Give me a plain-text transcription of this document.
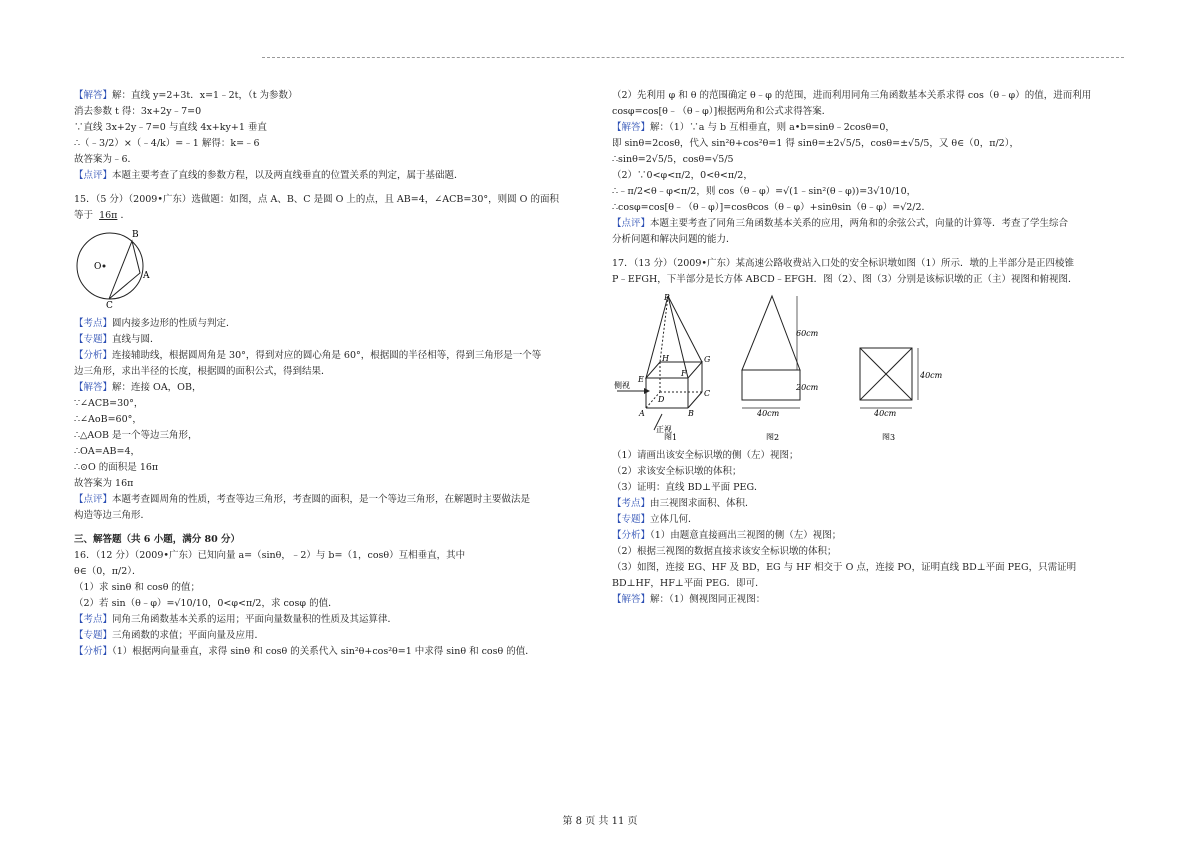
【解答】解：直线 y=2+3t．x=1﹣2t，（t 为参数）
消去参数 t 得：3x+2y﹣7=0
∵直线 3x+2y﹣7=0 与直线 4x+ky+1 垂直
∴（﹣3/2）×（﹣4/k）=﹣1 解得：k=﹣6
故答案为﹣6．
【点评】本题主要考查了直线的参数方程，以及两直线垂直的位置关系的判定，属于基础题．
15．（5 分）（2009•广东）选做题：如图，点 A、B、C 是圆 O 上的点，且 AB=4，∠ACB=30°，则圆 O 的面积
等于 16π ．
B
A
C
O
【考点】圆内接多边形的性质与判定．
【专题】直线与圆．
【分析】连接辅助线，根据圆周角是 30°，得到对应的圆心角是 60°，根据圆的半径相等，得到三角形是一个等
边三角形，求出半径的长度，根据圆的面积公式，得到结果．
【解答】解：连接 OA，OB，
∵∠ACB=30°，
∴∠AoB=60°，
∴△AOB 是一个等边三角形，
∴OA=AB=4，
∴⊙O 的面积是 16π
故答案为 16π
【点评】本题考查圆周角的性质，考查等边三角形，考查圆的面积，是一个等边三角形，在解题时主要做法是
构造等边三角形．
三、解答题（共 6 小题，满分 80 分）
16．（12 分）（2009•广东）已知向量 a=（sinθ，﹣2）与 b=（1，cosθ）互相垂直，其中
θ∈（0，π/2）．
（1）求 sinθ 和 cosθ 的值；
（2）若 sin（θ﹣φ）=√10/10，0<φ<π/2，求 cosφ 的值．
【考点】同角三角函数基本关系的运用；平面向量数量积的性质及其运算律．
【专题】三角函数的求值；平面向量及应用．
【分析】（1）根据两向量垂直，求得 sinθ 和 cosθ 的关系代入 sin²θ+cos²θ=1 中求得 sinθ 和 cosθ 的值．
（2）先利用 φ 和 θ 的范围确定 θ﹣φ 的范围，进而利用同角三角函数基本关系求得 cos（θ﹣φ）的值，进而利用
cosφ=cos[θ﹣（θ﹣φ）]根据两角和公式求得答案．
【解答】解：（1）∵a 与 b 互相垂直，则 a•b=sinθ﹣2cosθ=0，
即 sinθ=2cosθ，代入 sin²θ+cos²θ=1 得 sinθ=±2√5/5，cosθ=±√5/5，又 θ∈（0，π/2），
∴sinθ=2√5/5，cosθ=√5/5
（2）∵0<φ<π/2，0<θ<π/2，
∴﹣π/2<θ﹣φ<π/2，则 cos（θ﹣φ）=√(1﹣sin²(θ﹣φ))=3√10/10，
∴cosφ=cos[θ﹣（θ﹣φ）]=cosθcos（θ﹣φ）+sinθsin（θ﹣φ）=√2/2．
【点评】本题主要考查了同角三角函数基本关系的应用，两角和的余弦公式，向量的计算等．考查了学生综合
分析问题和解决问题的能力．
17．（13 分）（2009•广东）某高速公路收费站入口处的安全标识墩如图（1）所示．墩的上半部分是正四棱锥
P﹣EFGH，下半部分是长方体 ABCD﹣EFGH．图（2）、图（3）分别是该标识墩的正（主）视图和俯视图．
P
H	G
E
F
D
C
A	B
侧视
正视
图1
60cm
20cm
40cm
图2
40cm
40cm
图3
（1）请画出该安全标识墩的侧（左）视图；
（2）求该安全标识墩的体积；
（3）证明：直线 BD⊥平面 PEG．
【考点】由三视图求面积、体积．
【专题】立体几何．
【分析】（1）由题意直接画出三视图的侧（左）视图；
（2）根据三视图的数据直接求该安全标识墩的体积；
（3）如图，连接 EG、HF 及 BD，EG 与 HF 相交于 O 点，连接 PO，证明直线 BD⊥平面 PEG，只需证明
BD⊥HF，HF⊥平面 PEG．即可．
【解答】解：（1）侧视图同正视图：
第 8 页 共 11 页
